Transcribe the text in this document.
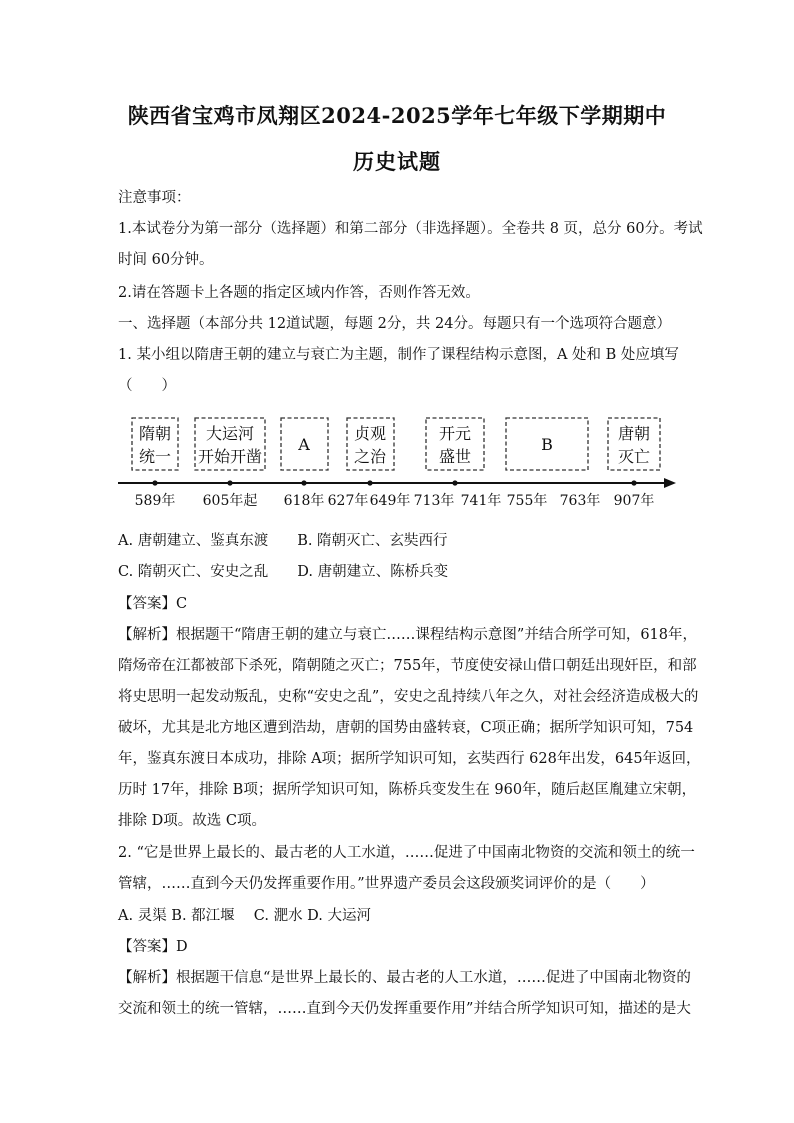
陕西省宝鸡市凤翔区2024-2025学年七年级下学期期中
历史试题
注意事项：
1.本试卷分为第一部分（选择题）和第二部分（非选择题）。全卷共 8 页，总分 60分。考试
时间 60分钟。
2.请在答题卡上各题的指定区域内作答，否则作答无效。
一、选择题（本部分共 12道试题，每题 2分，共 24分。每题只有一个选项符合题意）
1. 某小组以隋唐王朝的建立与衰亡为主题，制作了课程结构示意图，A 处和 B 处应填写
（　　）
隋朝
统一
大运河
开始开凿
A
贞观
之治
开元
盛世
B
唐朝
灭亡
589年 605年起 618年 627年 649年 713年 741年 755年 763年 907年
A. 唐朝建立、鉴真东渡　　B. 隋朝灭亡、玄奘西行
C. 隋朝灭亡、安史之乱　　D. 唐朝建立、陈桥兵变
【答案】C
【解析】根据题干“隋唐王朝的建立与衰亡……课程结构示意图”并结合所学可知，618年，
隋炀帝在江都被部下杀死，隋朝随之灭亡；755年，节度使安禄山借口朝廷出现奸臣，和部
将史思明一起发动叛乱，史称“安史之乱”，安史之乱持续八年之久，对社会经济造成极大的
破坏，尤其是北方地区遭到浩劫，唐朝的国势由盛转衰，C项正确；据所学知识可知，754
年，鉴真东渡日本成功，排除 A项；据所学知识可知，玄奘西行 628年出发，645年返回，
历时 17年，排除 B项；据所学知识可知，陈桥兵变发生在 960年，随后赵匡胤建立宋朝，
排除 D项。故选 C项。
2. “它是世界上最长的、最古老的人工水道，……促进了中国南北物资的交流和领土的统一
管辖，……直到今天仍发挥重要作用。”世界遗产委员会这段颁奖词评价的是（　　）
A. 灵渠 B. 都江堰　 C. 淝水 D. 大运河
【答案】D
【解析】根据题干信息“是世界上最长的、最古老的人工水道，……促进了中国南北物资的
交流和领土的统一管辖，……直到今天仍发挥重要作用”并结合所学知识可知，描述的是大
